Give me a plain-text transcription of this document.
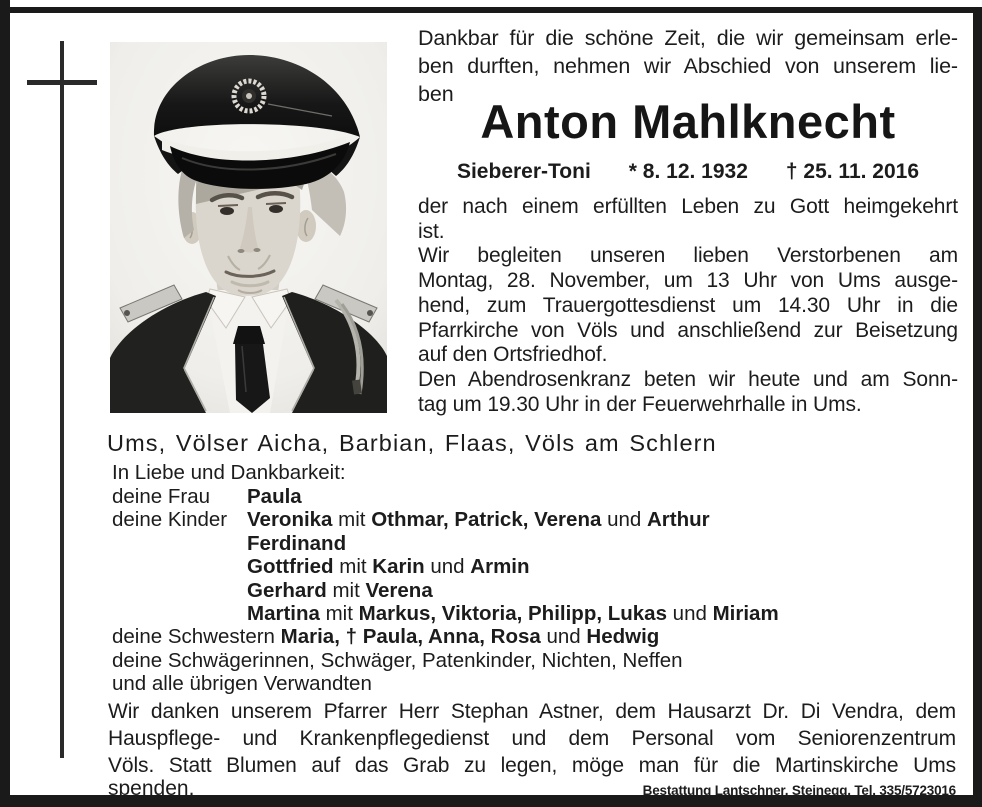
Dankbar für die schöne Zeit, die wir gemeinsam erle-
ben durften, nehmen wir Abschied von unserem lie-
ben
Anton Mahlknecht
Sieberer-Toni * 8. 12. 1932 † 25. 11. 2016
der nach einem erfüllten Leben zu Gott heimgekehrt
ist.
Wir begleiten unseren lieben Verstorbenen am
Montag, 28. November, um 13 Uhr von Ums ausge-
hend, zum Trauergottesdienst um 14.30 Uhr in die
Pfarrkirche von Völs und anschließend zur Beisetzung
auf den Ortsfriedhof.
Den Abendrosenkranz beten wir heute und am Sonn-
tag um 19.30 Uhr in der Feuerwehrhalle in Ums.
Ums, Völser Aicha, Barbian, Flaas, Völs am Schlern
In Liebe und Dankbarkeit:
deine Frau	Paula
deine Kinder Veronika mit Othmar, Patrick, Verena und Arthur
Ferdinand
Gottfried mit Karin und Armin
Gerhard mit Verena
Martina mit Markus, Viktoria, Philipp, Lukas und Miriam
deine Schwestern Maria, † Paula, Anna, Rosa und Hedwig
deine Schwägerinnen, Schwäger, Patenkinder, Nichten, Neffen
und alle übrigen Verwandten
Wir danken unserem Pfarrer Herr Stephan Astner, dem Hausarzt Dr. Di Vendra, dem
Hauspflege- und Krankenpflegedienst und dem Personal vom Seniorenzentrum
Völs. Statt Blumen auf das Grab zu legen, möge man für die Martinskirche Ums
spenden.	Bestattung Lantschner, Steinegg, Tel. 335/5723016
